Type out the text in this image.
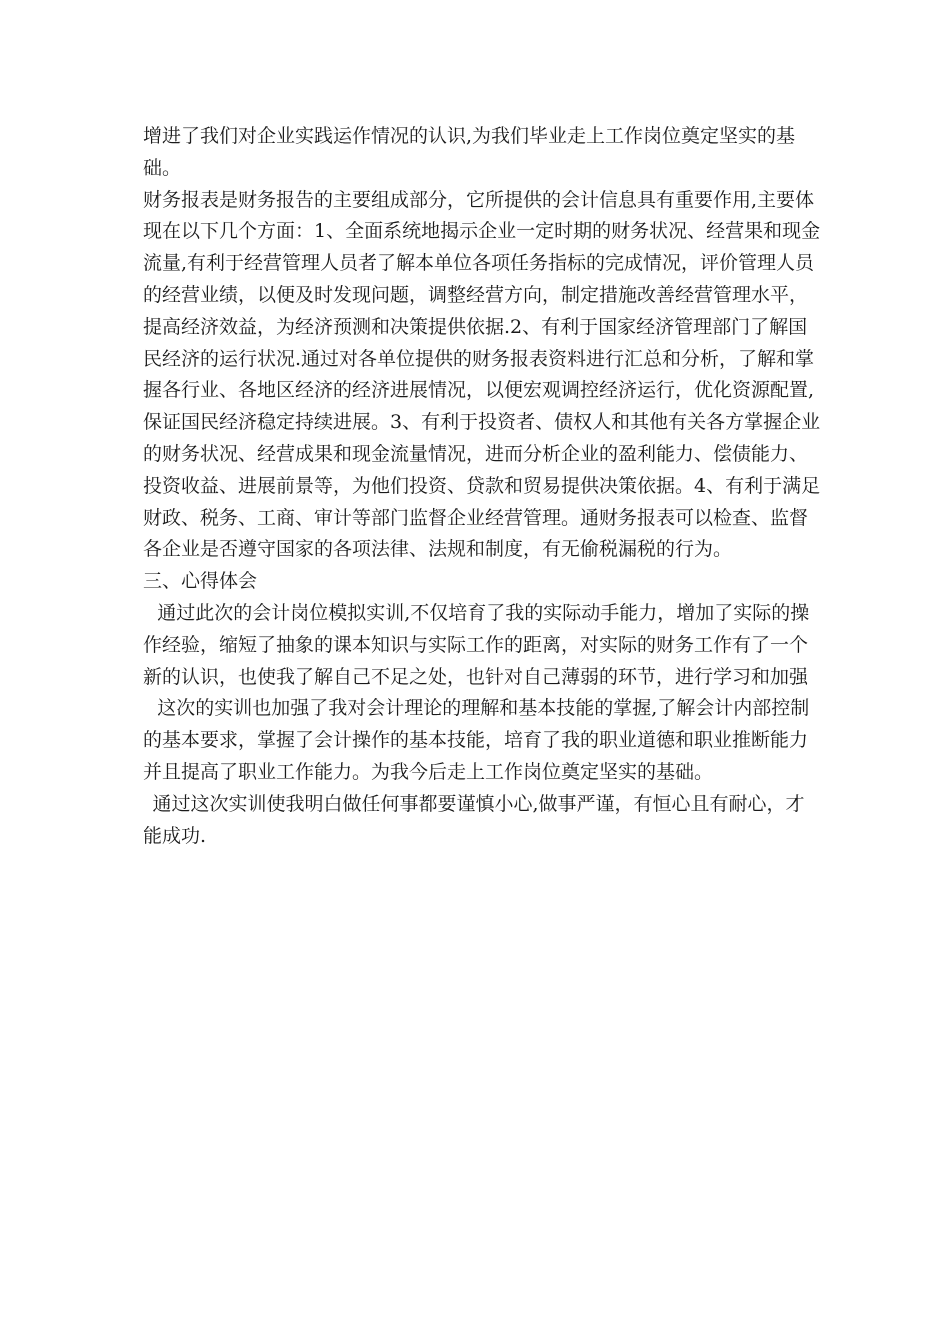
增进了我们对企业实践运作情况的认识,为我们毕业走上工作岗位奠定坚实的基础。

财务报表是财务报告的主要组成部分，它所提供的会计信息具有重要作用,主要体现在以下几个方面：1、全面系统地揭示企业一定时期的财务状况、经营果和现金流量,有利于经营管理人员者了解本单位各项任务指标的完成情况，评价管理人员的经营业绩，以便及时发现问题，调整经营方向，制定措施改善经营管理水平，提高经济效益，为经济预测和决策提供依据.2、有利于国家经济管理部门了解国民经济的运行状况.通过对各单位提供的财务报表资料进行汇总和分析，了解和掌握各行业、各地区经济的经济进展情况，以便宏观调控经济运行，优化资源配置,保证国民经济稳定持续进展。3、有利于投资者、债权人和其他有关各方掌握企业的财务状况、经营成果和现金流量情况，进而分析企业的盈利能力、偿债能力、投资收益、进展前景等，为他们投资、贷款和贸易提供决策依据。4、有利于满足财政、税务、工商、审计等部门监督企业经营管理。通财务报表可以检查、监督各企业是否遵守国家的各项法律、法规和制度，有无偷税漏税的行为。

三、心得体会

通过此次的会计岗位模拟实训,不仅培育了我的实际动手能力，增加了实际的操作经验，缩短了抽象的课本知识与实际工作的距离，对实际的财务工作有了一个新的认识，也使我了解自己不足之处，也针对自己薄弱的环节，进行学习和加强

这次的实训也加强了我对会计理论的理解和基本技能的掌握,了解会计内部控制的基本要求，掌握了会计操作的基本技能，培育了我的职业道德和职业推断能力并且提高了职业工作能力。为我今后走上工作岗位奠定坚实的基础。

通过这次实训使我明白做任何事都要谨慎小心,做事严谨，有恒心且有耐心，才能成功.
